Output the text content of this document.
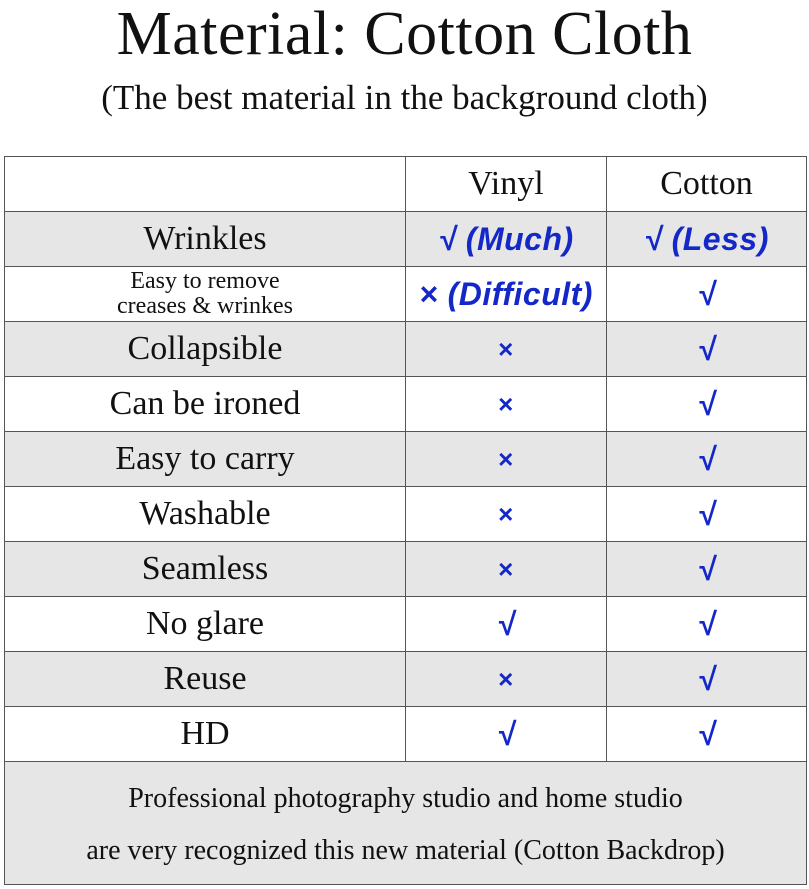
Material: Cotton Cloth
(The best material in the background cloth)
	Vinyl	Cotton
Wrinkles	√ (Much)	√ (Less)
Easy to remove
creases & wrinkes	× (Difficult)	√
Collapsible	×	√
Can be ironed	×	√
Easy to carry	×	√
Washable	×	√
Seamless	×	√
No glare	√	√
Reuse	×	√
HD	√	√

Professional photography studio and home studio
are very recognized this new material (Cotton Backdrop)		
